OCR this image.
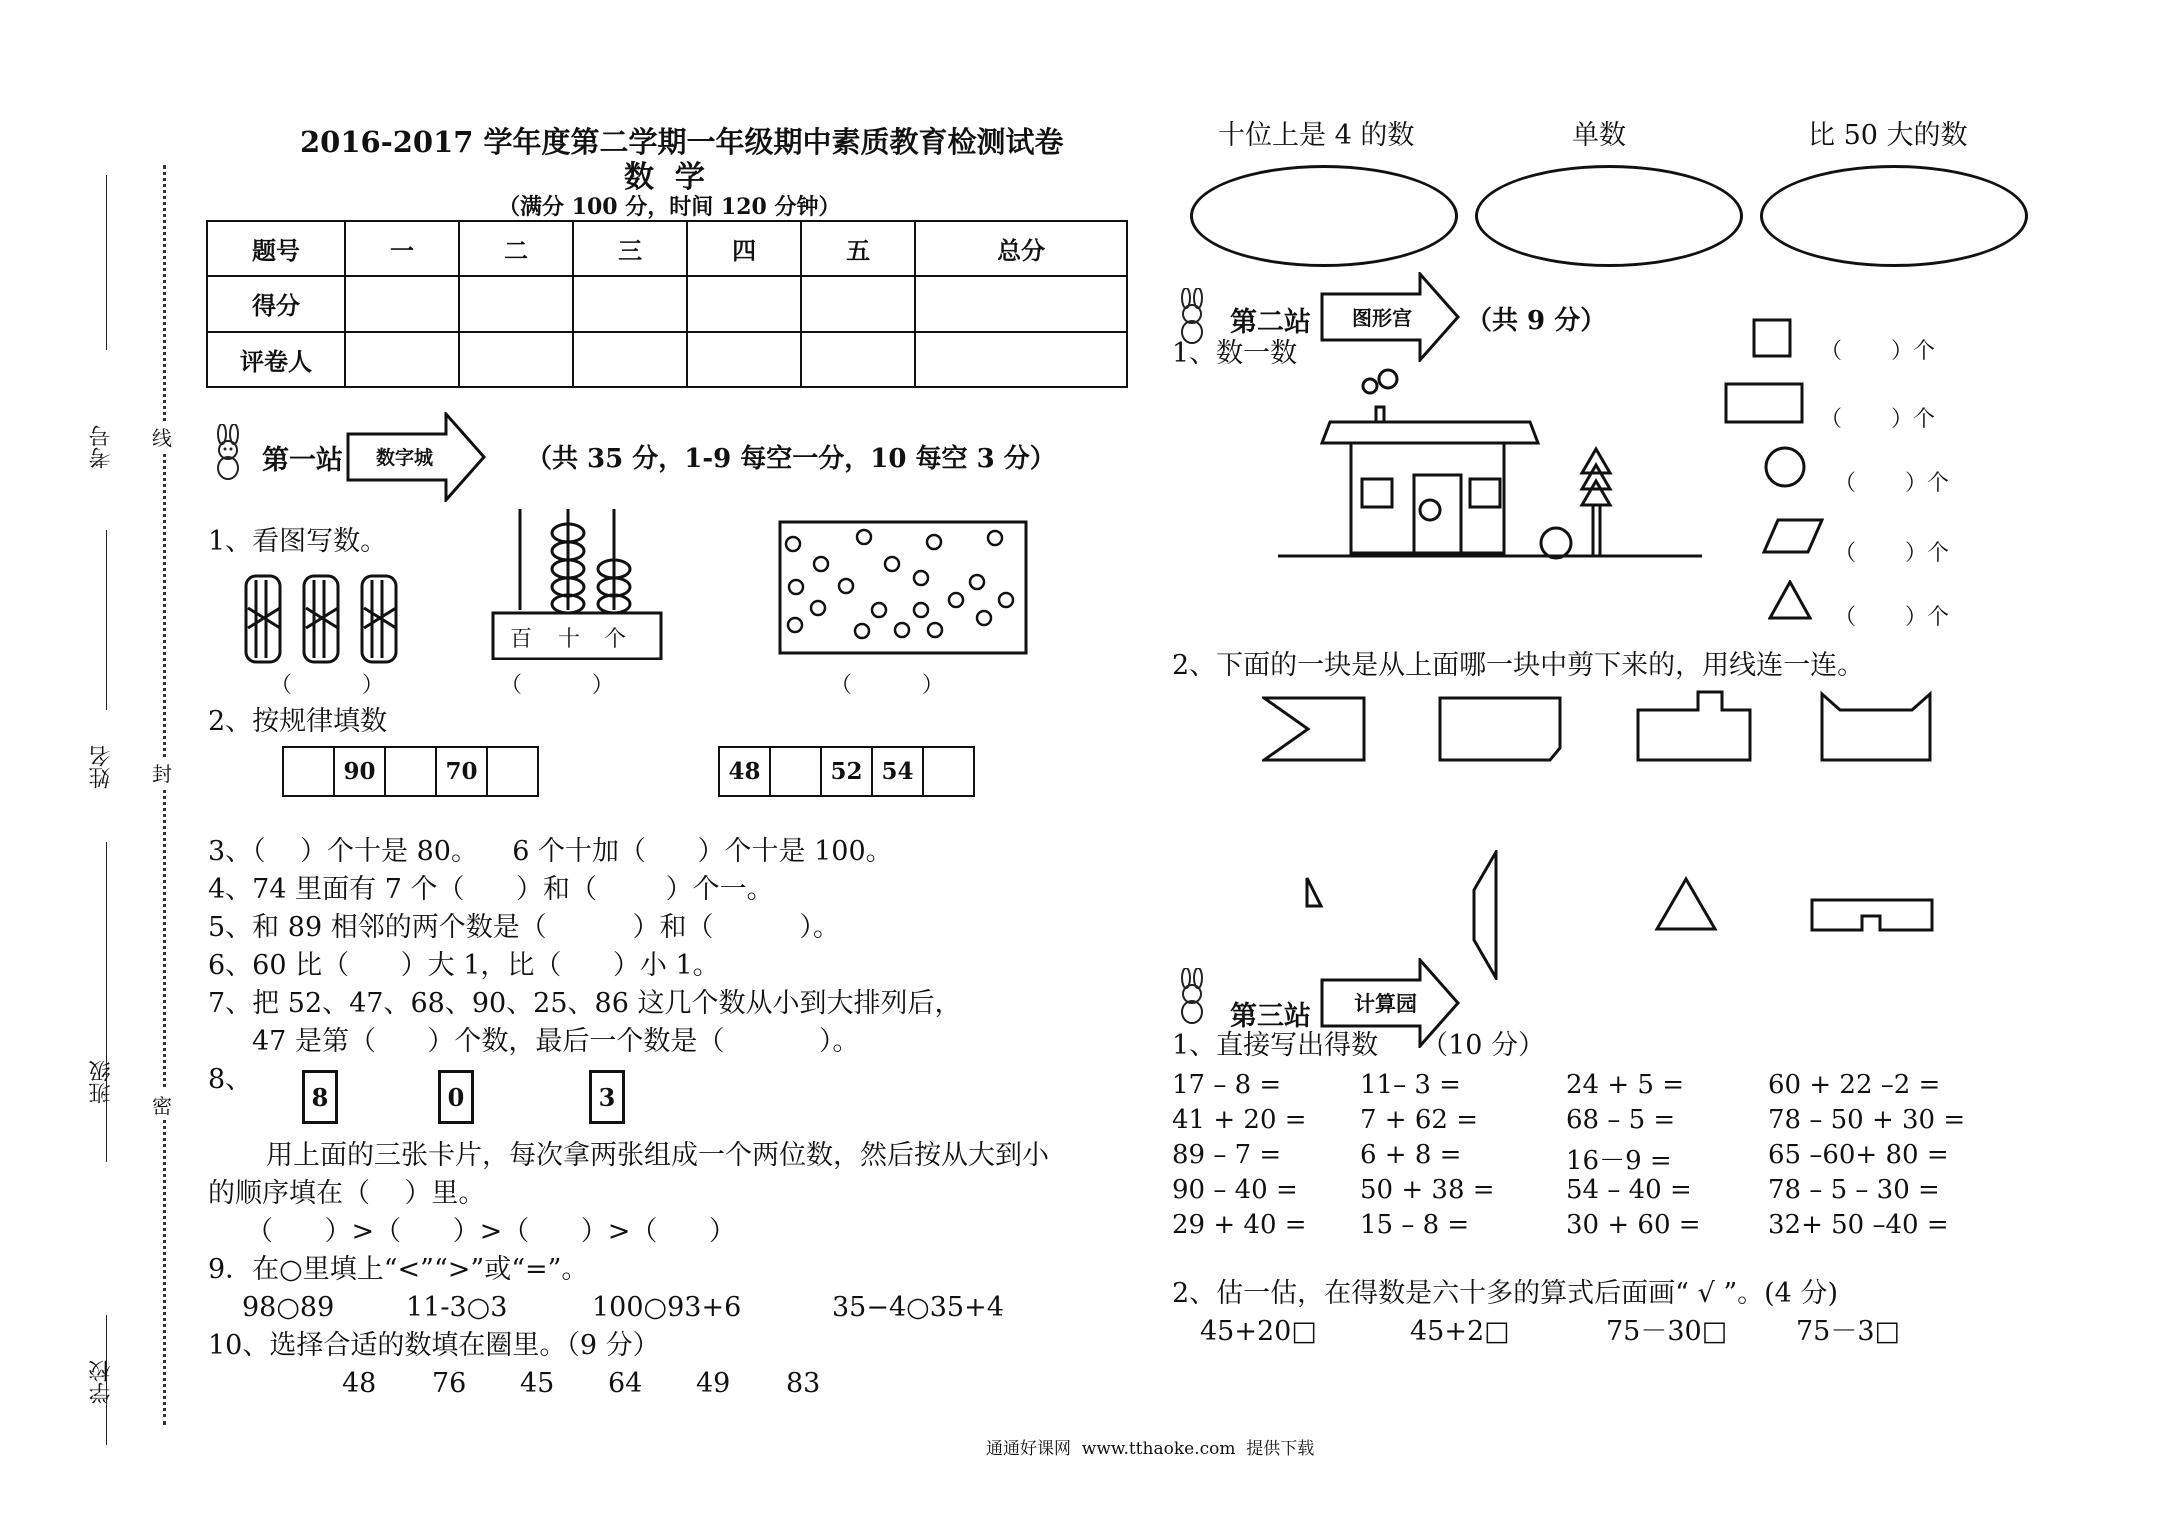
考号
姓名
班级
学校
线
封
密
2016-2017 学年度第二学期一年级期中素质教育检测试卷
数  学
（满分 100 分，时间 120 分钟）
题号	一	二	三	四	五	总分
得分						
评卷人						
第一站 数字城	（共 35 分，1-9 每空一分，10 每空 3 分）
1、看图写数。
百 十 个
（          ）	（          ）	（          ）
2、按规律填数
90	70	48	52 54
3、（    ）个十是 80。    6 个十加（      ）个十是 100。
4、74 里面有 7 个（      ）和（        ）个一。
5、和 89 相邻的两个数是（          ）和（          ）。
6、60 比（      ）大 1，比（      ）小 1。
7、把 52、47、68、90、25、86 这几个数从小到大排列后，
47 是第（      ）个数，最后一个数是（           ）。
8、
8	0	3
用上面的三张卡片，每次拿两张组成一个两位数，然后按从大到小
的顺序填在（    ）里。
（      ）>（      ）>（      ）>（      ）
9．在○里填上“<”“>”或“=”。
98○89	11-3○3	100○93+6	35−4○35+4
10、选择合适的数填在圈里。（9 分）
48 76 45 64 49 83
十位上是 4 的数	单数	比 50 大的数
第二站 图形宫 （共 9 分）
1、数一数	（       ）个
（       ）个
（       ）个
（       ）个
（       ）个
2、下面的一块是从上面哪一块中剪下来的，用线连一连。
第三站 计算园
1、直接写出得数     （10 分）
17 – 8 =	11– 3 =	24 + 5 =	60 + 22 –2 =
41 + 20 = 7 + 62 =	68 – 5 =	78 – 50 + 30 =
89 – 7 =	6 + 8 =	16－9 =	65 –60+ 80 =
90 – 40 = 50 + 38 =	54 – 40 =	78 – 5 – 30 =
29 + 40 = 15 – 8 =	30 + 60 =	32+ 50 –40 =
2、估一估，在得数是六十多的算式后面画“ √ ”。(4 分)
45+20□	45+2□	75－30□	75－3□
通通好课网  www.tthaoke.com  提供下载
